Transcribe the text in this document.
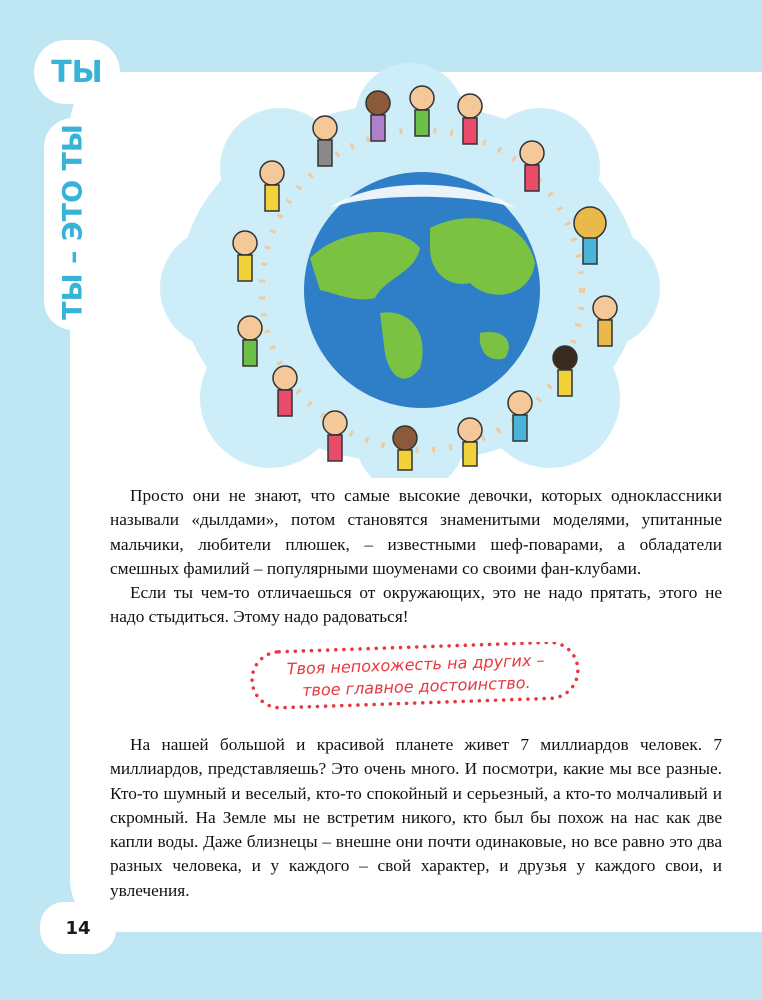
ТЫ
ТЫ – ЭТО ТЫ

Просто они не знают, что самые высокие девочки, которых одноклассники называли «дылдами», потом становятся знаменитыми моделями, упитанные мальчики, любители плюшек, – известными шеф-поварами, а обладатели смешных фамилий – популярными шоуменами со своими фан-клубами.

Если ты чем-то отличаешься от окружающих, это не надо прятать, этого не надо стыдиться. Этому надо радоваться!

Твоя непохожесть на других –
твое главное достоинство.

На нашей большой и красивой планете живет 7 миллиардов человек. 7 миллиардов, представляешь? Это очень много. И посмотри, какие мы все разные. Кто-то шумный и веселый, кто-то спокойный и серьезный, а кто-то молчаливый и скромный. На Земле мы не встретим никого, кто был бы похож на нас как две капли воды. Даже близнецы – внешне они почти одинаковые, но все равно это два разных человека, и у каждого – свой характер, и друзья у каждого свои, и увлечения.

14
